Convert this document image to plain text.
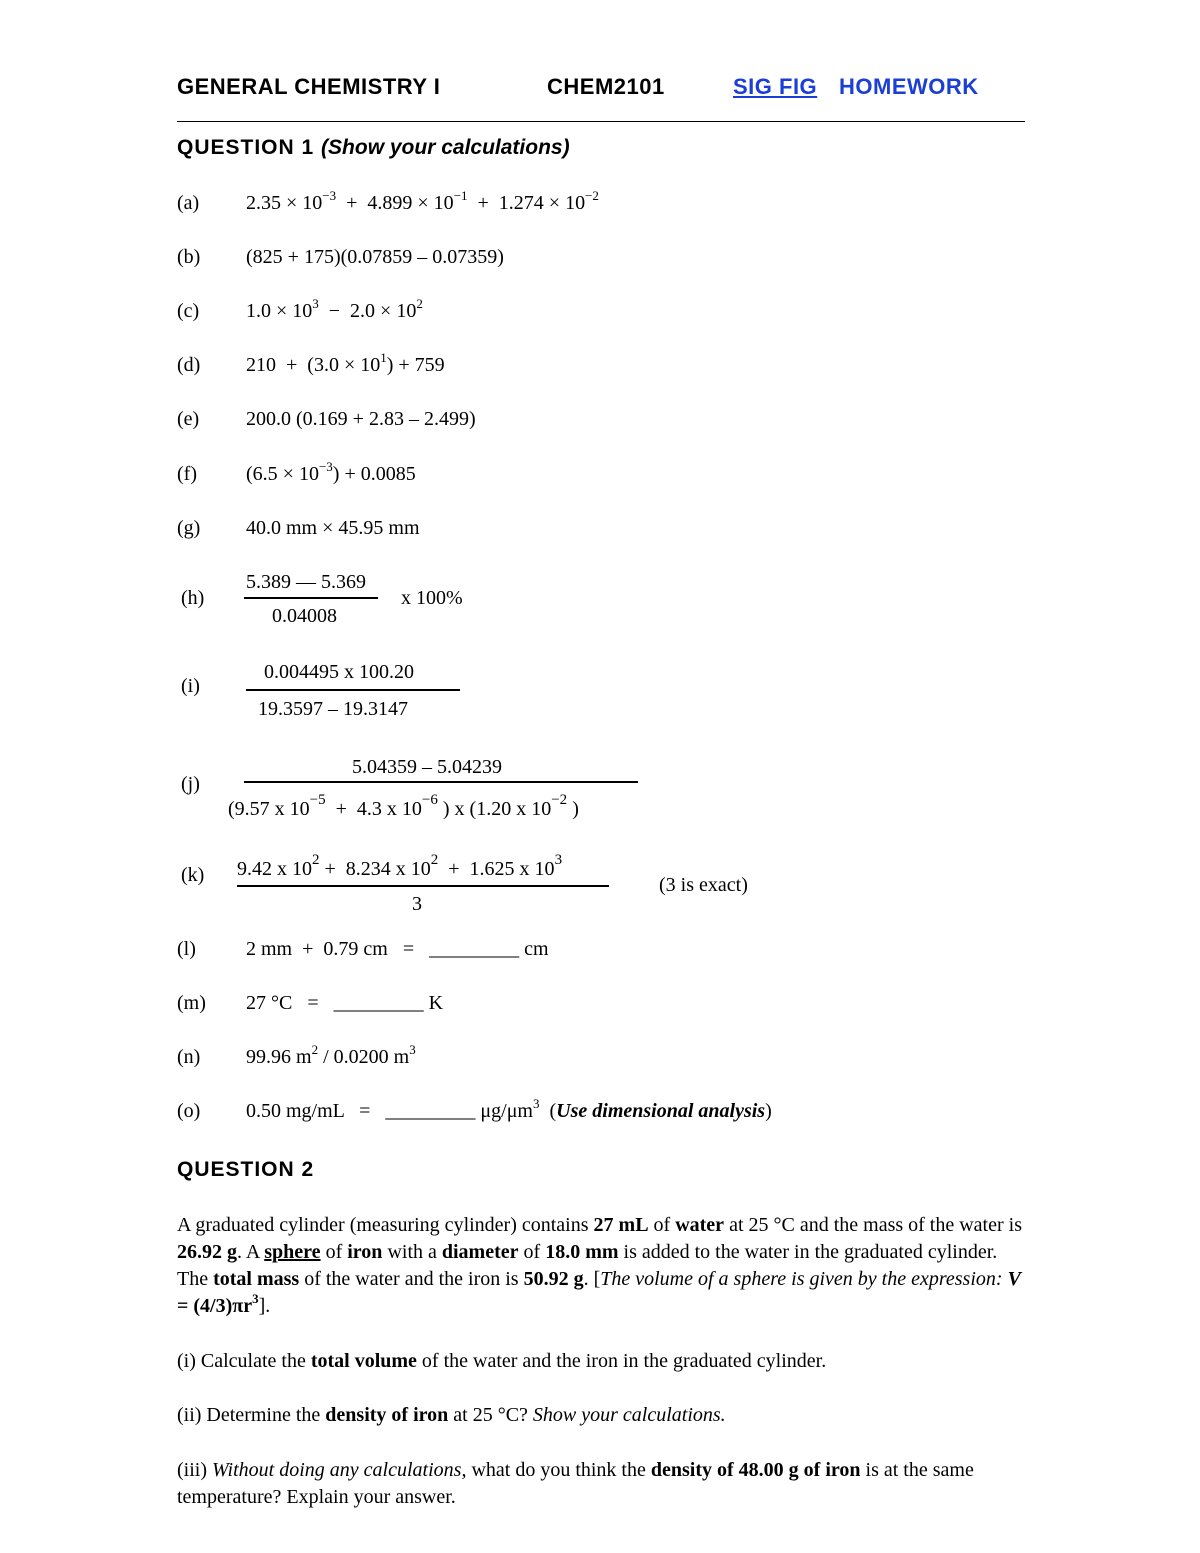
GENERAL CHEMISTRY I	CHEM2101	SIG FIG HOMEWORK
QUESTION 1 (Show your calculations)
(a) $2.35 \times 10^{-3} + 4.899 \times 10^{-1} + 1.274 \times 10^{-2}$
(b) (825 + 175)(0.07859 – 0.07359)
(c) $1.0 \times 10^3 - 2.0 \times 10^2$
(d) $210 + (3.0 \times 10^1) + 759$
(e) 200.0 (0.169 + 2.83 – 2.499)
(f) $(6.5 \times 10^{-3}) + 0.0085$
(g) 40.0 mm × 45.95 mm
(h)
5.389 — 5.369
0.04008
x 100%
(i)
0.004495 x 100.20
19.3597 – 19.3147
(j)
5.04359 – 5.04239
(9.57 x $10^{-5} + 4.3$ x $10^{-6}$ ) x (1.20 x $10^{-2}$ )
(k) 9.42 x $10^2 + 8.234$ x $10^2 + 1.625$ x $10^3$
3
(3 is exact)
(l)	2 mm  +  0.79 cm   =   _________ cm
(m) 27 °C   =   _________ K
(n) 99.96 $m^2 / 0.0200$ $m^3$
(o) 0.50 mg/mL   =   _________ $\mu g/\mu m^3$  (Use dimensional analysis)
QUESTION 2
A graduated cylinder (measuring cylinder) contains 27 mL of water at 25 °C and the mass of the water is 26.92 g. A sphere of iron with a diameter of 18.0 mm is added to the water in the graduated cylinder. The total mass of the water and the iron is 50.92 g. [The volume of a sphere is given by the expression: $V = (4/3)\pi r^3$].
(i) Calculate the total volume of the water and the iron in the graduated cylinder.
(ii) Determine the density of iron at 25 °C? Show your calculations.
(iii) Without doing any calculations, what do you think the density of 48.00 g of iron is at the same temperature? Explain your answer.
